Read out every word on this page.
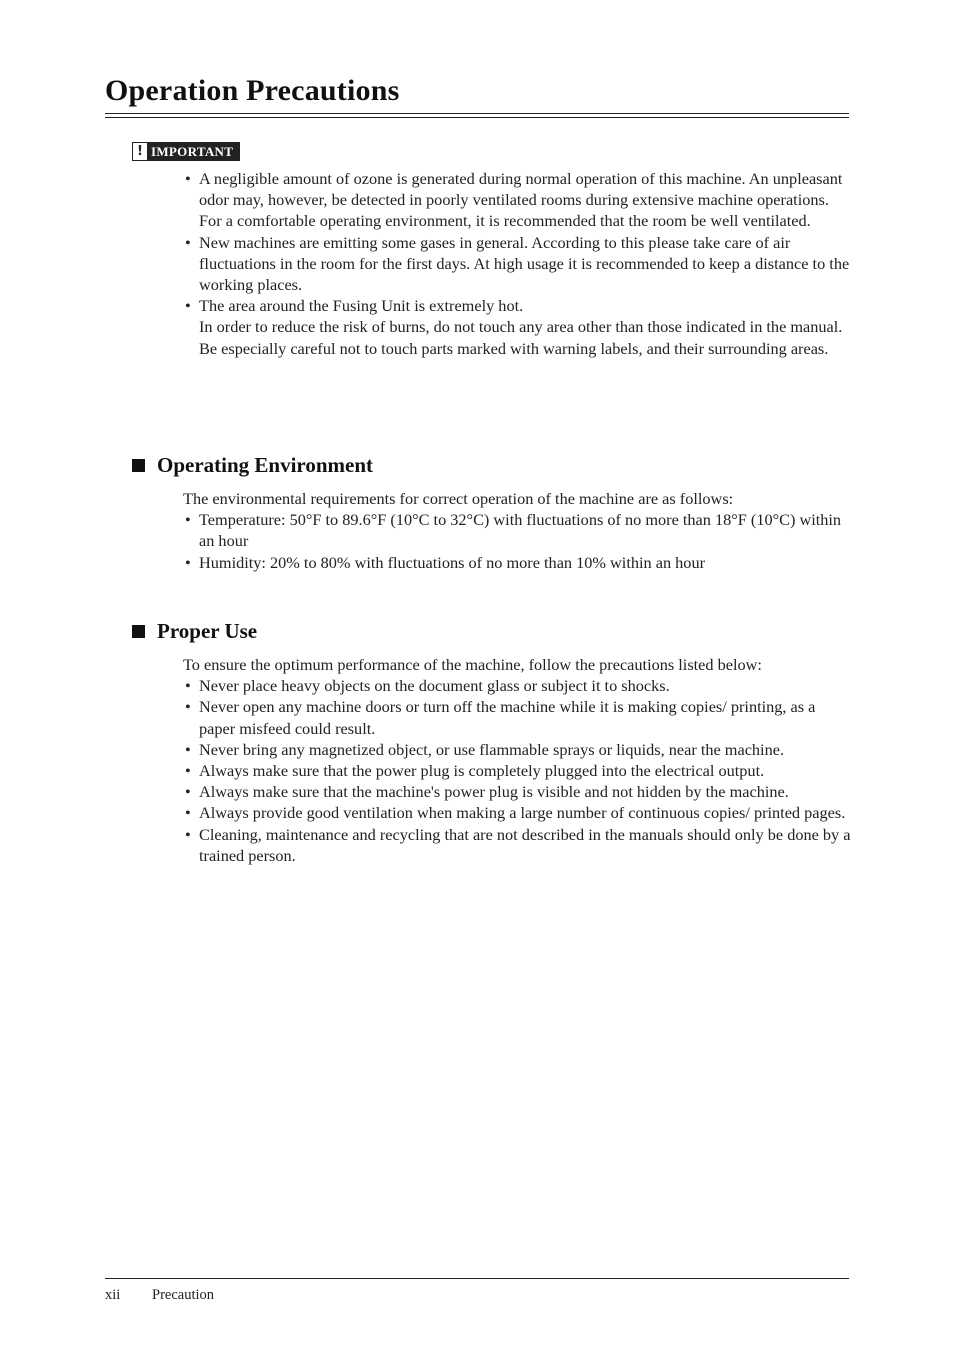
Operation Precautions
! IMPORTANT
• A negligible amount of ozone is generated during normal operation of this machine. An unpleasant odor may, however, be detected in poorly ventilated rooms during extensive machine operations.
For a comfortable operating environment, it is recommended that the room be well ventilated.
• New machines are emitting some gases in general. According to this please take care of air fluctuations in the room for the first days. At high usage it is recommended to keep a distance to the working places.
• The area around the Fusing Unit is extremely hot.
In order to reduce the risk of burns, do not touch any area other than those indicated in the manual. Be especially careful not to touch parts marked with warning labels, and their surrounding areas.
Operating Environment

The environmental requirements for correct operation of the machine are as follows:

• Temperature: 50°F to 89.6°F (10°C to 32°C) with fluctuations of no more than 18°F (10°C) within an hour
• Humidity: 20% to 80% with fluctuations of no more than 10% within an hour
Proper Use

To ensure the optimum performance of the machine, follow the precautions listed below:

• Never place heavy objects on the document glass or subject it to shocks.
• Never open any machine doors or turn off the machine while it is making copies/ printing, as a paper misfeed could result.
• Never bring any magnetized object, or use flammable sprays or liquids, near the machine.
• Always make sure that the power plug is completely plugged into the electrical output.
• Always make sure that the machine's power plug is visible and not hidden by the machine.
• Always provide good ventilation when making a large number of continuous copies/ printed pages.
• Cleaning, maintenance and recycling that are not described in the manuals should only be done by a trained person.
xii Precaution
